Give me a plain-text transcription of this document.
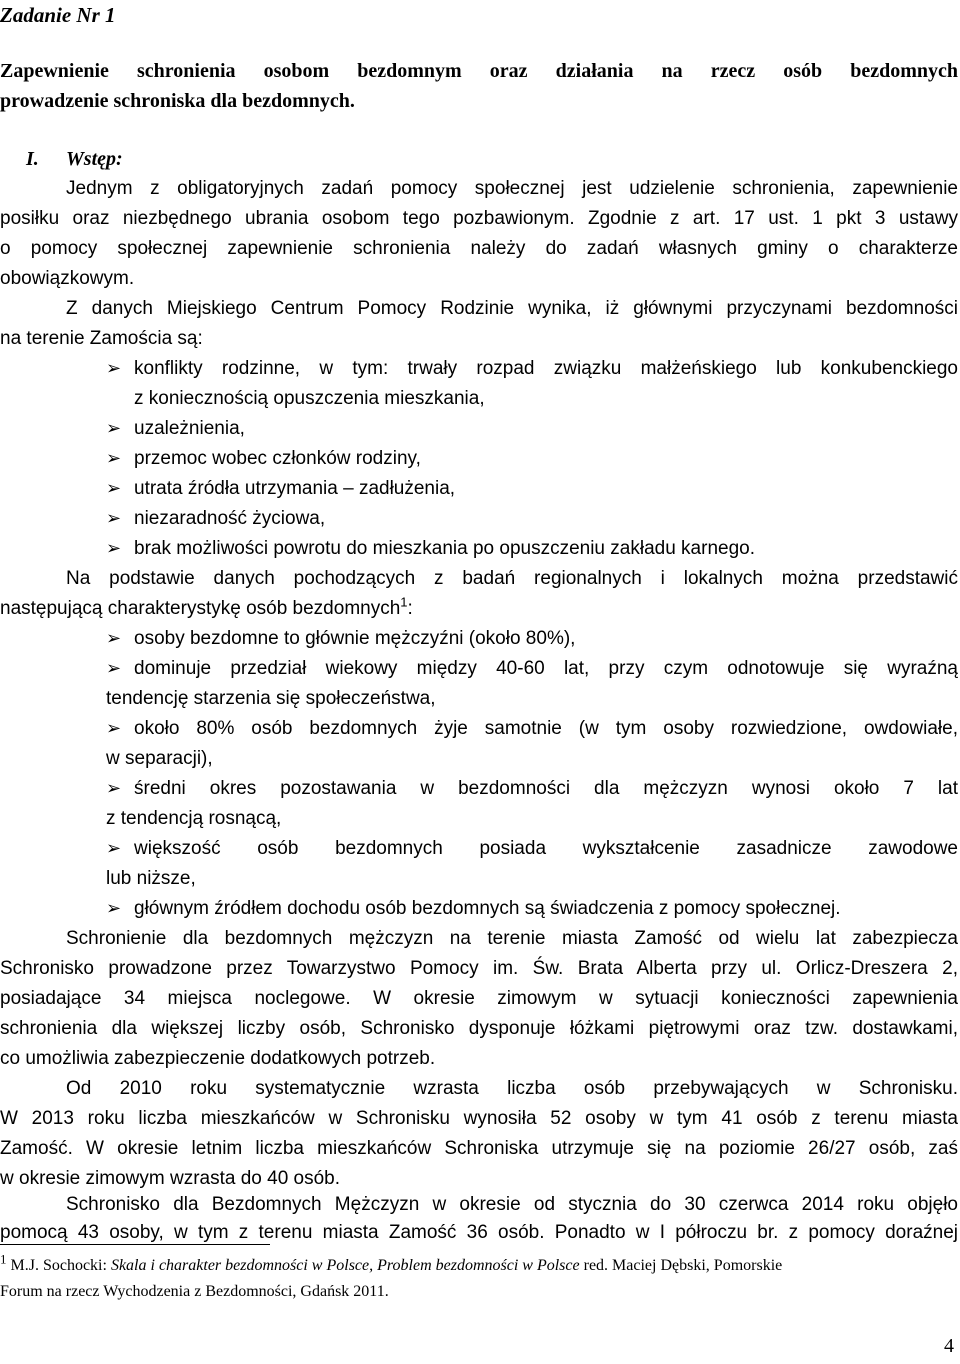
Zadanie Nr 1
Zapewnienie schronienia osobom bezdomnym oraz działania na rzecz osób bezdomnych
prowadzenie schroniska dla bezdomnych.
I. Wstęp:
Jednym z obligatoryjnych zadań pomocy społecznej jest udzielenie schronienia, zapewnienie
posiłku oraz niezbędnego ubrania osobom tego pozbawionym. Zgodnie z art. 17 ust. 1 pkt 3 ustawy
o pomocy społecznej zapewnienie schronienia należy do zadań własnych gminy o charakterze
obowiązkowym.
Z danych Miejskiego Centrum Pomocy Rodzinie wynika, iż głównymi przyczynami bezdomności
na terenie Zamościa są:
➢ konflikty rodzinne, w tym: trwały rozpad związku małżeńskiego lub konkubenckiego
z koniecznością opuszczenia mieszkania,
➢ uzależnienia,
➢ przemoc wobec członków rodziny,
➢ utrata źródła utrzymania – zadłużenia,
➢ niezaradność życiowa,
➢ brak możliwości powrotu do mieszkania po opuszczeniu zakładu karnego.
Na podstawie danych pochodzących z badań regionalnych i lokalnych można przedstawić
następującą charakterystykę osób bezdomnych$^1$:
➢ osoby bezdomne to głównie mężczyźni (około 80%),
➢ dominuje przedział wiekowy między 40-60 lat, przy czym odnotowuje się wyraźną
tendencję starzenia się społeczeństwa,
➢ około 80% osób bezdomnych żyje samotnie (w tym osoby rozwiedzione, owdowiałe,
w separacji),
➢ średni okres pozostawania w bezdomności dla mężczyzn wynosi około 7 lat
z tendencją rosnącą,
➢ większość osób bezdomnych posiada wykształcenie zasadnicze zawodowe
lub niższe,
➢ głównym źródłem dochodu osób bezdomnych są świadczenia z pomocy społecznej.
Schronienie dla bezdomnych mężczyzn na terenie miasta Zamość od wielu lat zabezpiecza
Schronisko prowadzone przez Towarzystwo Pomocy im. Św. Brata Alberta przy ul. Orlicz-Dreszera 2,
posiadające 34 miejsca noclegowe. W okresie zimowym w sytuacji konieczności zapewnienia
schronienia dla większej liczby osób, Schronisko dysponuje łóżkami piętrowymi oraz tzw. dostawkami,
co umożliwia zabezpieczenie dodatkowych potrzeb.
Od 2010 roku systematycznie wzrasta liczba osób przebywających w Schronisku.
W 2013 roku liczba mieszkańców w Schronisku wynosiła 52 osoby w tym 41 osób z terenu miasta
Zamość. W okresie letnim liczba mieszkańców Schroniska utrzymuje się na poziomie 26/27 osób, zaś
w okresie zimowym wzrasta do 40 osób.
Schronisko dla Bezdomnych Mężczyzn w okresie od stycznia do 30 czerwca 2014 roku objęło
pomocą 43 osoby, w tym z terenu miasta Zamość 36 osób. Ponadto w I półroczu br. z pomocy doraźnej
$^1$ M.J. Sochocki: Skala i charakter bezdomności w Polsce, Problem bezdomności w Polsce red. Maciej Dębski, Pomorskie
Forum na rzecz Wychodzenia z Bezdomności, Gdańsk 2011.
4
